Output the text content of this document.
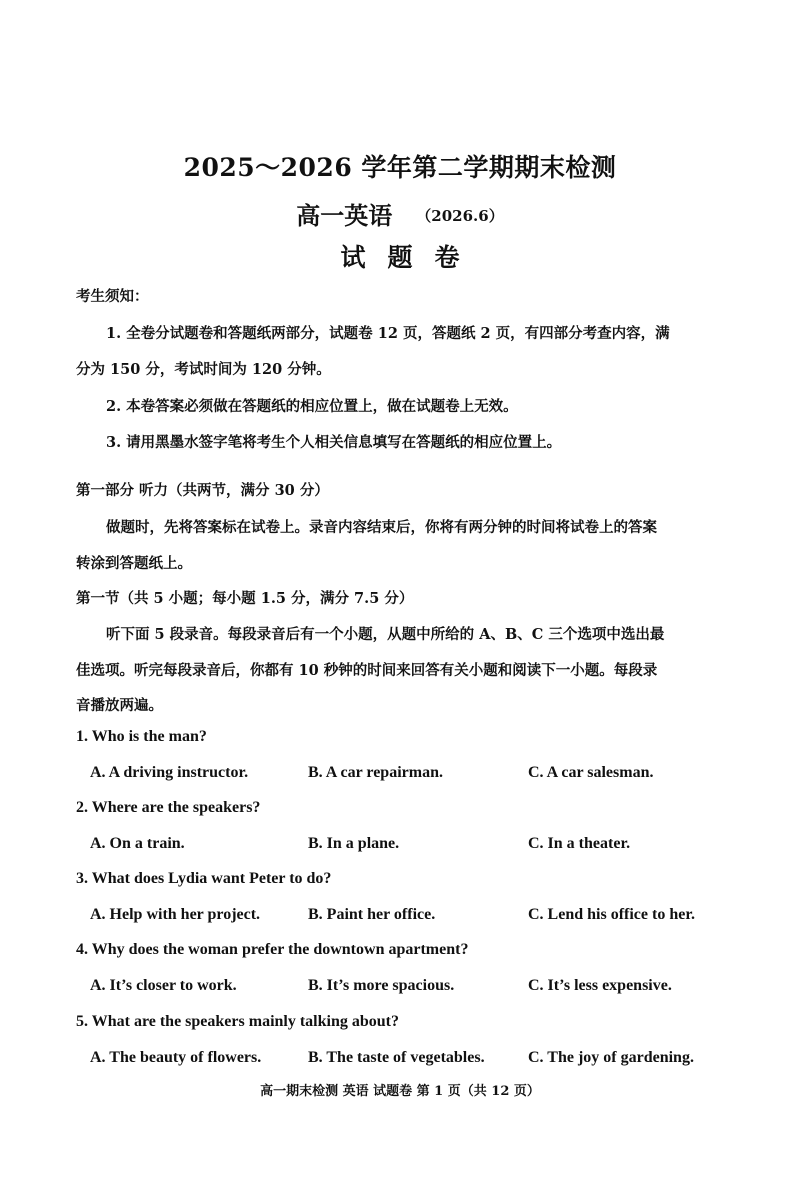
2025～2026 学年第二学期期末检测
高一英语 （2026.6）
试题卷
考生须知：
1. 全卷分试题卷和答题纸两部分，试题卷 12 页，答题纸 2 页，有四部分考查内容，满
分为 150 分，考试时间为 120 分钟。
2. 本卷答案必须做在答题纸的相应位置上，做在试题卷上无效。
3. 请用黑墨水签字笔将考生个人相关信息填写在答题纸的相应位置上。
第一部分 听力（共两节，满分 30 分）
做题时，先将答案标在试卷上。录音内容结束后，你将有两分钟的时间将试卷上的答案
转涂到答题纸上。
第一节（共 5 小题；每小题 1.5 分，满分 7.5 分）
听下面 5 段录音。每段录音后有一个小题，从题中所给的 A、B、C 三个选项中选出最
佳选项。听完每段录音后，你都有 10 秒钟的时间来回答有关小题和阅读下一小题。每段录
音播放两遍。
1. Who is the man?
A. A driving instructor.	B. A car repairman.	C. A car salesman.
2. Where are the speakers?
A. On a train.	B. In a plane.	C. In a theater.
3. What does Lydia want Peter to do?
A. Help with her project.	B. Paint her office.	C. Lend his office to her.
4. Why does the woman prefer the downtown apartment?
A. It’s closer to work.	B. It’s more spacious.	C. It’s less expensive.
5. What are the speakers mainly talking about?
A. The beauty of flowers.	B. The taste of vegetables.	C. The joy of gardening.
高一期末检测 英语 试题卷 第 1 页（共 12 页）
